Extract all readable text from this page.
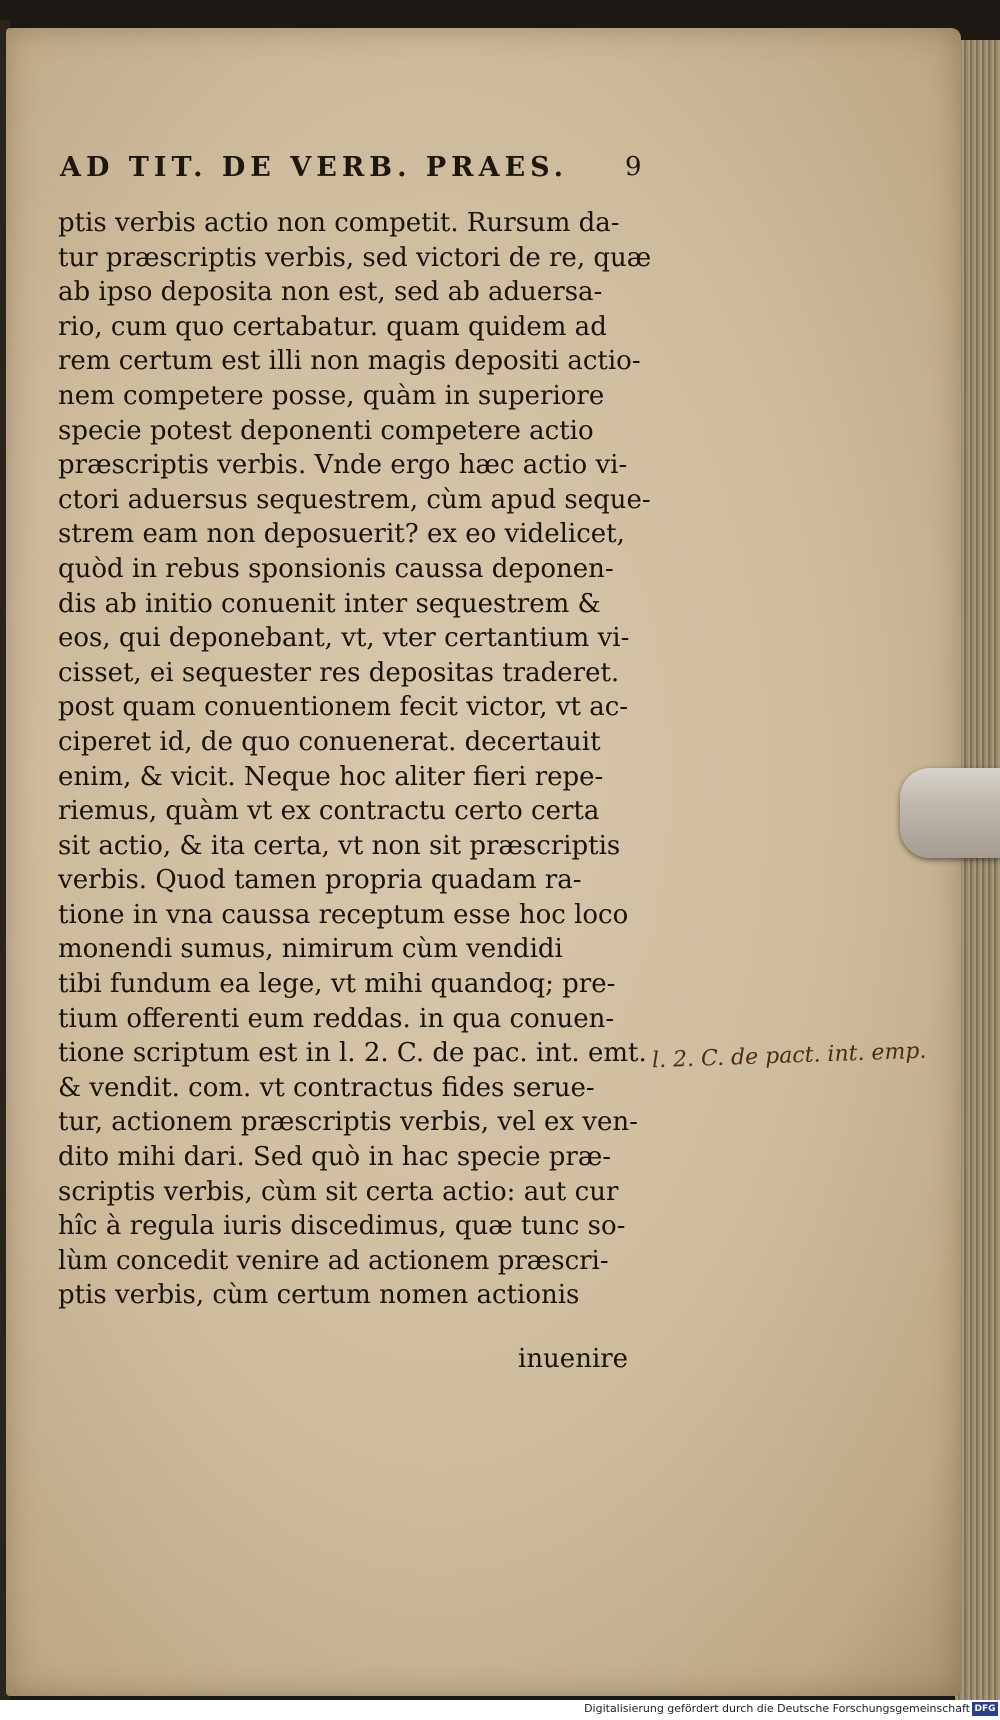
AD TIT. DE VERB. PRAES.	9
ptis verbis actio non competit. Rursum da-
tur præscriptis verbis, sed victori de re, quæ
ab ipso deposita non est, sed ab aduersa-
rio, cum quo certabatur. quam quidem ad
rem certum est illi non magis depositi actio-
nem competere posse, quàm in superiore
specie potest deponenti competere actio
præscriptis verbis. Vnde ergo hæc actio vi-
ctori aduersus sequestrem, cùm apud seque-
strem eam non deposuerit? ex eo videlicet,
quòd in rebus sponsionis caussa deponen-
dis ab initio conuenit inter sequestrem &
eos, qui deponebant, vt, vter certantium vi-
cisset, ei sequester res depositas traderet.
post quam conuentionem fecit victor, vt ac-
ciperet id, de quo conuenerat. decertauit
enim, & vicit. Neque hoc aliter fieri repe-
riemus, quàm vt ex contractu certo certa
sit actio, & ita certa, vt non sit præscriptis
verbis. Quod tamen propria quadam ra-
tione in vna caussa receptum esse hoc loco
monendi sumus, nimirum cùm vendidi
tibi fundum ea lege, vt mihi quandoq; pre-
tium offerenti eum reddas. in qua conuen-
tione scriptum est in l. 2. C. de pac. int. emt.
& vendit. com. vt contractus fides serue-
tur, actionem præscriptis verbis, vel ex ven-
dito mihi dari. Sed quò in hac specie præ-
scriptis verbis, cùm sit certa actio: aut cur
hîc à regula iuris discedimus, quæ tunc so-
lùm concedit venire ad actionem præscri-
ptis verbis, cùm certum nomen actionis
inuenire
l. 2. C. de pact. int. emp.
Digitalisierung gefördert durch die Deutsche Forschungsgemeinschaft DFG
